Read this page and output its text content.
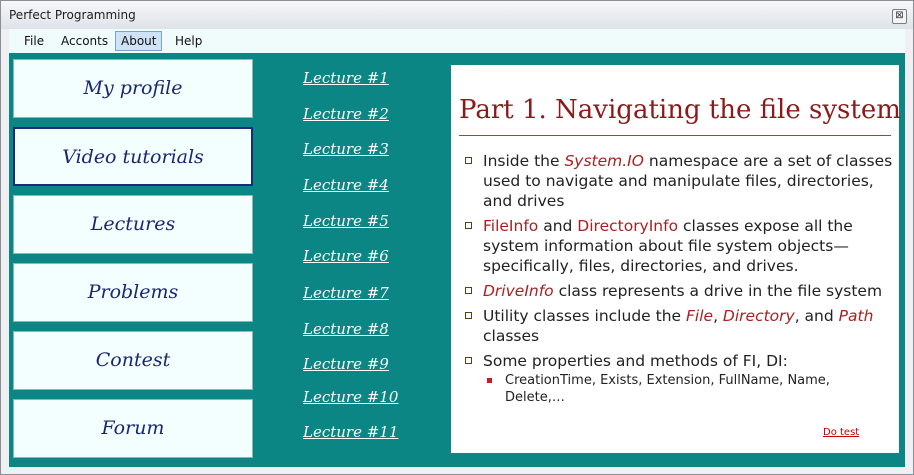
Perfect Programming	⊠
File	Acconts	About	Help
My profile
Video tutorials
Lectures
Problems
Contest
Forum
Lecture #1
Lecture #2
Lecture #3
Lecture #4
Lecture #5
Lecture #6
Lecture #7
Lecture #8
Lecture #9
Lecture #10
Lecture #11
Part 1. Navigating the file system
Inside the System.IO namespace are a set of classes used to navigate and manipulate files, directories, and drives
FileInfo and DirectoryInfo classes expose all the system information about file system objects—specifically, files, directories, and drives.
DriveInfo class represents a drive in the file system
Utility classes include the File, Directory, and Path classes
Some properties and methods of FI, DI:
CreationTime, Exists, Extension, FullName, Name, Delete,…
Do test
